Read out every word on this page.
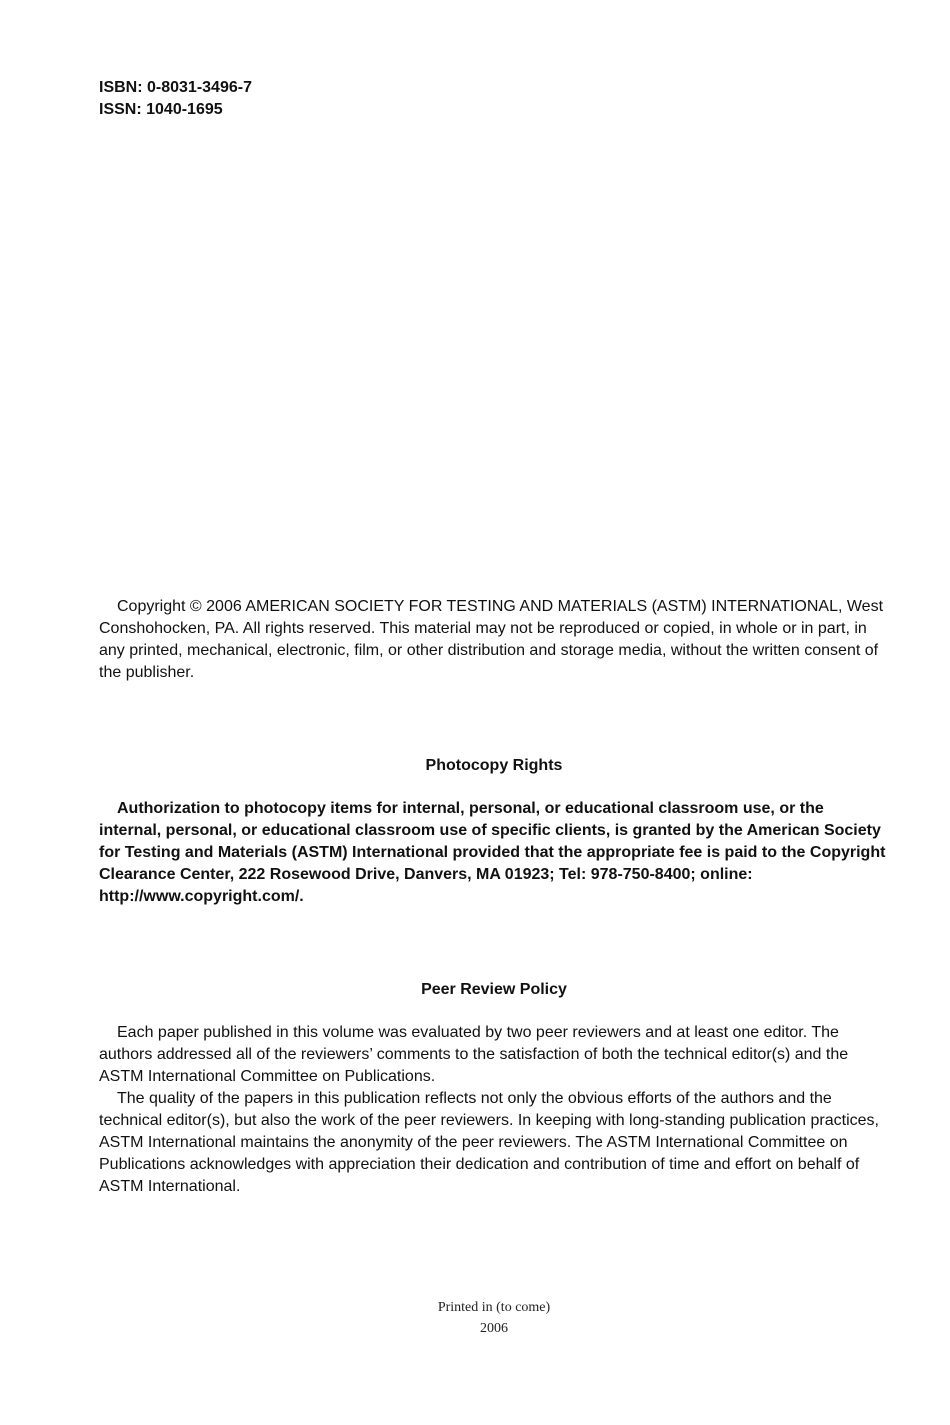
ISBN: 0-8031-3496-7
ISSN: 1040-1695

Copyright © 2006 AMERICAN SOCIETY FOR TESTING AND MATERIALS (ASTM) INTERNATIONAL, West Conshohocken, PA. All rights reserved. This material may not be reproduced or copied, in whole or in part, in any printed, mechanical, electronic, film, or other distribution and storage media, without the written consent of the publisher.

Photocopy Rights

Authorization to photocopy items for internal, personal, or educational classroom use, or the internal, personal, or educational classroom use of specific clients, is granted by the American Society for Testing and Materials (ASTM) International provided that the appropriate fee is paid to the Copyright Clearance Center, 222 Rosewood Drive, Danvers, MA 01923; Tel: 978-750-8400; online: http://www.copyright.com/.

Peer Review Policy

Each paper published in this volume was evaluated by two peer reviewers and at least one editor. The authors addressed all of the reviewers’ comments to the satisfaction of both the technical editor(s) and the ASTM International Committee on Publications.

The quality of the papers in this publication reflects not only the obvious efforts of the authors and the technical editor(s), but also the work of the peer reviewers. In keeping with long-standing publication practices, ASTM International maintains the anonymity of the peer reviewers. The ASTM International Committee on Publications acknowledges with appreciation their dedication and contribution of time and effort on behalf of ASTM International.

Printed in (to come)
2006
